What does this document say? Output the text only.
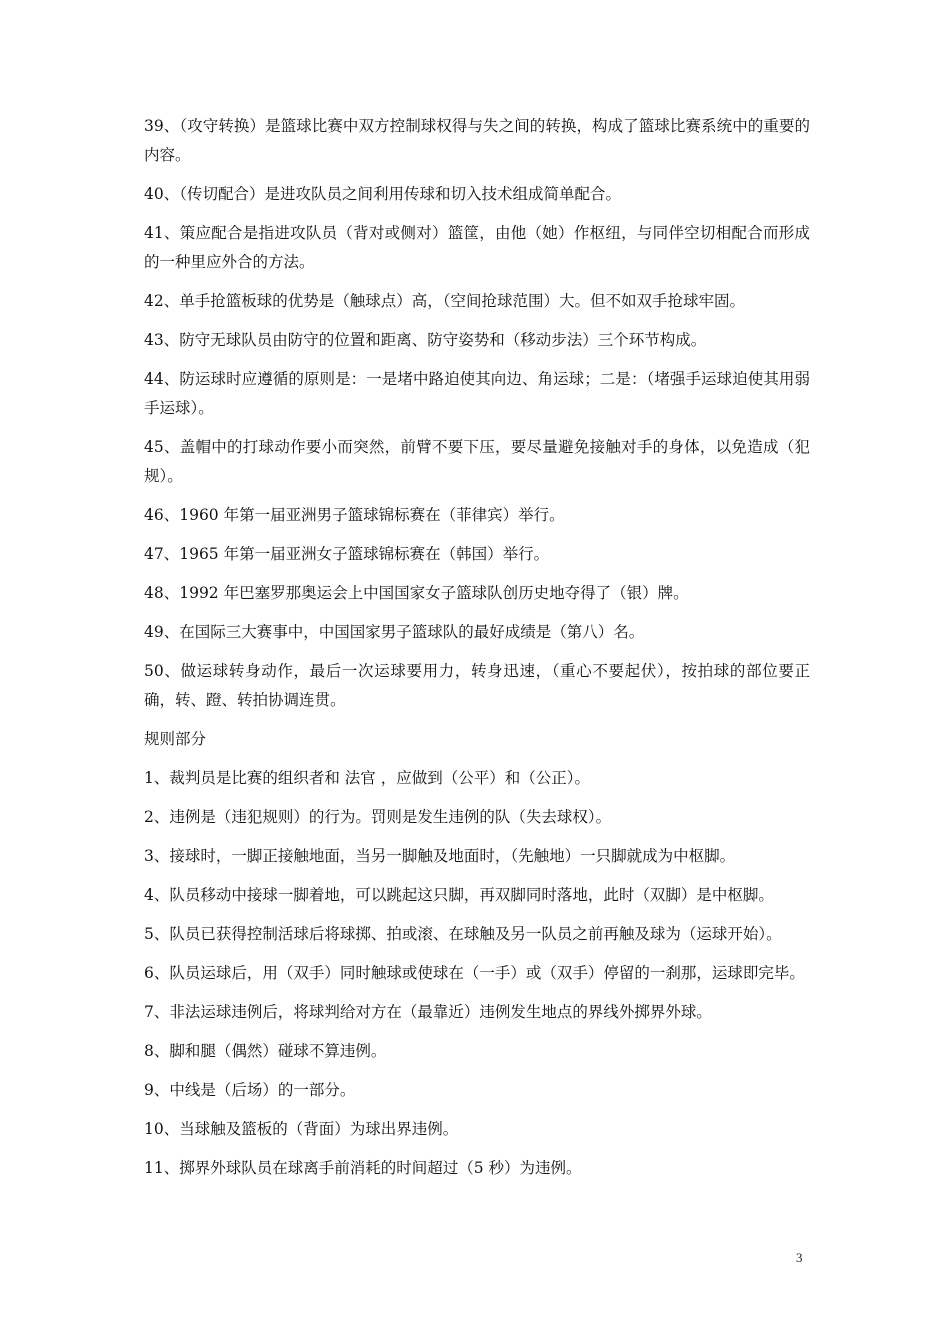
39、（攻守转换）是篮球比赛中双方控制球权得与失之间的转换，构成了篮球比赛系统中的重要的内容。

40、（传切配合）是进攻队员之间利用传球和切入技术组成简单配合。

41、策应配合是指进攻队员（背对或侧对）篮筐，由他（她）作枢纽，与同伴空切相配合而形成的一种里应外合的方法。

42、单手抢篮板球的优势是（触球点）高，（空间抢球范围）大。但不如双手抢球牢固。

43、防守无球队员由防守的位置和距离、防守姿势和（移动步法）三个环节构成。

44、防运球时应遵循的原则是：一是堵中路迫使其向边、角运球；二是：（堵强手运球迫使其用弱手运球）。

45、盖帽中的打球动作要小而突然，前臂不要下压，要尽量避免接触对手的身体，以免造成（犯规）。

46、1960 年第一届亚洲男子篮球锦标赛在（菲律宾）举行。

47、1965 年第一届亚洲女子篮球锦标赛在（韩国）举行。

48、1992 年巴塞罗那奥运会上中国国家女子篮球队创历史地夺得了（银）牌。

49、在国际三大赛事中，中国国家男子篮球队的最好成绩是（第八）名。

50、做运球转身动作，最后一次运球要用力，转身迅速，（重心不要起伏），按拍球的部位要正确，转、蹬、转拍协调连贯。

规则部分

1、裁判员是比赛的组织者和 法官 ，应做到（公平）和（公正）。

2、违例是（违犯规则）的行为。罚则是发生违例的队（失去球权）。

3、接球时，一脚正接触地面，当另一脚触及地面时，（先触地）一只脚就成为中枢脚。

4、队员移动中接球一脚着地，可以跳起这只脚，再双脚同时落地，此时（双脚）是中枢脚。

5、队员已获得控制活球后将球掷、拍或滚、在球触及另一队员之前再触及球为（运球开始）。

6、队员运球后，用（双手）同时触球或使球在（一手）或（双手）停留的一刹那，运球即完毕。

7、非法运球违例后，将球判给对方在（最靠近）违例发生地点的界线外掷界外球。

8、脚和腿（偶然）碰球不算违例。

9、中线是（后场）的一部分。

10、当球触及篮板的（背面）为球出界违例。

11、掷界外球队员在球离手前消耗的时间超过（5 秒）为违例。

3
